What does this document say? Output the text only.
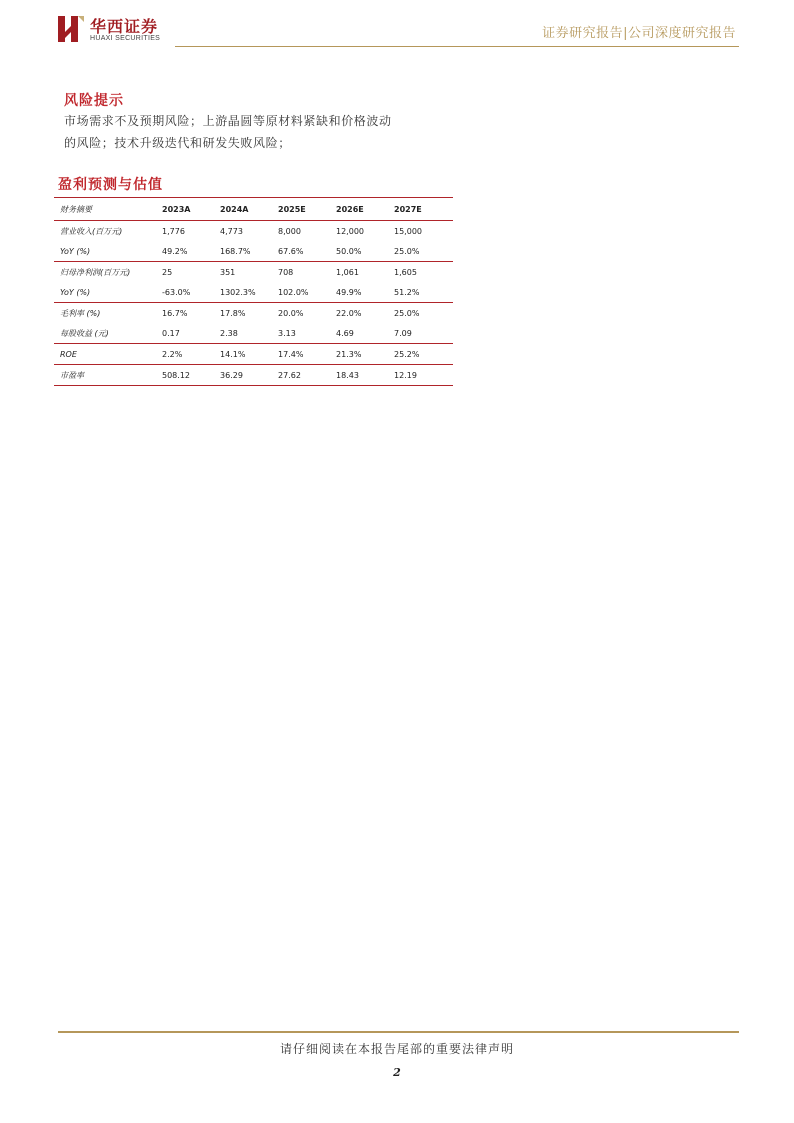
华西证券
HUAXI SECURITIES	证券研究报告|公司深度研究报告
风险提示

市场需求不及预期风险；上游晶圆等原材料紧缺和价格波动

的风险；技术升级迭代和研发失败风险；

盈利预测与估值
财务摘要	2023A	2024A	2025E	2026E	2027E
营业收入(百万元)	1,776	4,773	8,000	12,000	15,000
YoY (%)	49.2%	168.7%	67.6%	50.0%	25.0%
归母净利润(百万元)	25	351	708	1,061	1,605
YoY (%)	-63.0%	1302.3%	102.0%	49.9%	51.2%
毛利率 (%)	16.7%	17.8%	20.0%	22.0%	25.0%
每股收益 (元)	0.17	2.38	3.13	4.69	7.09
ROE	2.2%	14.1%	17.4%	21.3%	25.2%
市盈率	508.12	36.29	27.62	18.43	12.19
请仔细阅读在本报告尾部的重要法律声明
2
